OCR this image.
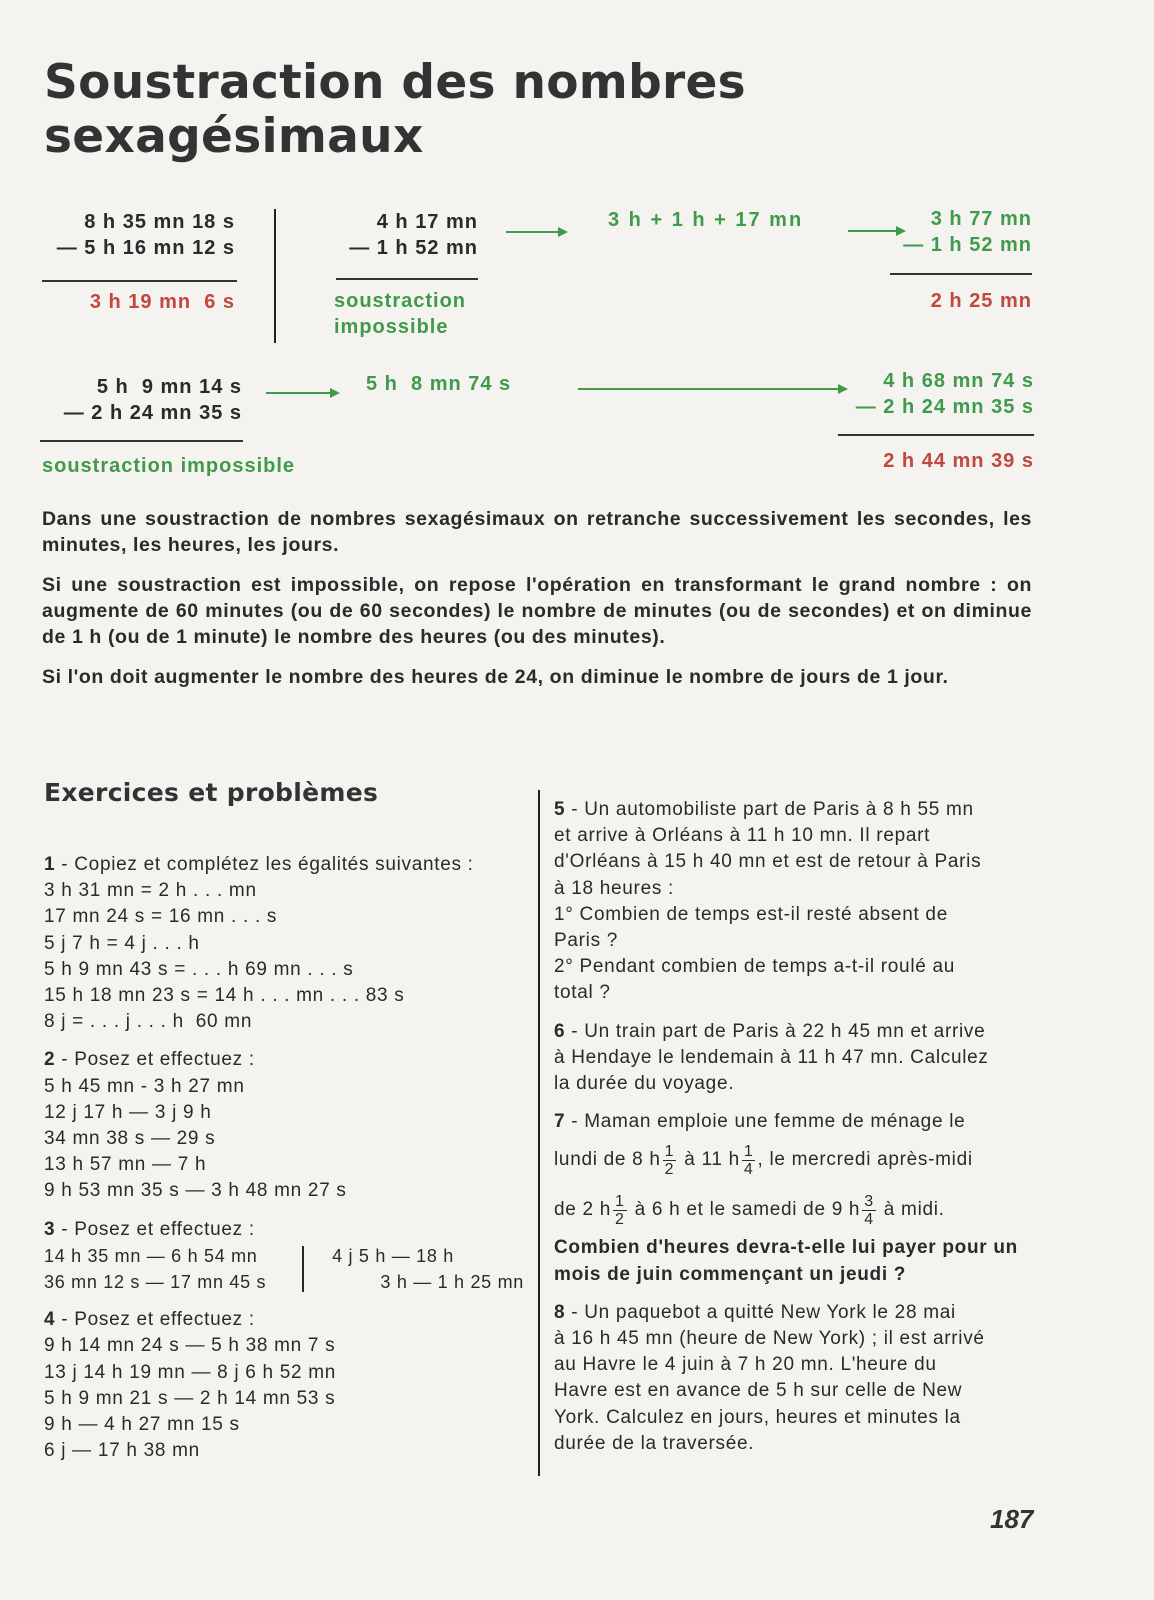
Soustraction des nombres
sexagésimaux
8 h 35 mn 18 s
— 5 h 16 mn 12 s
3 h 19 mn  6 s
4 h 17 mn
— 1 h 52 mn
soustraction
impossible
3 h + 1 h + 17 mn	3 h 77 mn
— 1 h 52 mn
2 h 25 mn
5 h  9 mn 14 s
— 2 h 24 mn 35 s
soustraction impossible
5 h  8 mn 74 s	4 h 68 mn 74 s
— 2 h 24 mn 35 s
2 h 44 mn 39 s

Dans une soustraction de nombres sexagésimaux on retranche successivement les secondes, les minutes, les heures, les jours.

Si une soustraction est impossible, on repose l'opération en transformant le grand nombre : on augmente de 60 minutes (ou de 60 secondes) le nombre de minutes (ou de secondes) et on diminue de 1 h (ou de 1 minute) le nombre des heures (ou des minutes).

Si l'on doit augmenter le nombre des heures de 24, on diminue le nombre de jours de 1 jour.

Exercices et problèmes
1 - Copiez et complétez les égalités suivantes :
3 h 31 mn = 2 h . . . mn
17 mn 24 s = 16 mn . . . s
5 j 7 h = 4 j . . . h
5 h 9 mn 43 s = . . . h 69 mn . . . s
15 h 18 mn 23 s = 14 h . . . mn . . . 83 s
8 j = . . . j . . . h  60 mn
2 - Posez et effectuez :
5 h 45 mn - 3 h 27 mn
12 j 17 h — 3 j 9 h
34 mn 38 s — 29 s
13 h 57 mn — 7 h
9 h 53 mn 35 s — 3 h 48 mn 27 s
3 - Posez et effectuez :
14 h 35 mn — 6 h 54 mn
36 mn 12 s — 17 mn 45 s
4 j 5 h — 18 h
3 h — 1 h 25 mn
4 - Posez et effectuez :
9 h 14 mn 24 s — 5 h 38 mn 7 s
13 j 14 h 19 mn — 8 j 6 h 52 mn
5 h 9 mn 21 s — 2 h 14 mn 53 s
9 h — 4 h 27 mn 15 s
6 j — 17 h 38 mn
5 - Un automobiliste part de Paris à 8 h 55 mn
et arrive à Orléans à 11 h 10 mn. Il repart
d'Orléans à 15 h 40 mn et est de retour à Paris
à 18 heures :
1° Combien de temps est-il resté absent de
Paris ?
2° Pendant combien de temps a-t-il roulé au
total ?
6 - Un train part de Paris à 22 h 45 mn et arrive
à Hendaye le lendemain à 11 h 47 mn. Calculez
la durée du voyage.
7 - Maman emploie une femme de ménage le
lundi de 8 h $\frac{1}{2}$ à 11 h $\frac{1}{4}$ , le mercredi après-midi
de 2 h $\frac{1}{2}$ à 6 h et le samedi de 9 h $\frac{3}{4}$ à midi.
Combien d'heures devra-t-elle lui payer pour un
mois de juin commençant un jeudi ?
8 - Un paquebot a quitté New York le 28 mai
à 16 h 45 mn (heure de New York) ; il est arrivé
au Havre le 4 juin à 7 h 20 mn. L'heure du
Havre est en avance de 5 h sur celle de New
York. Calculez en jours, heures et minutes la
durée de la traversée.
187
